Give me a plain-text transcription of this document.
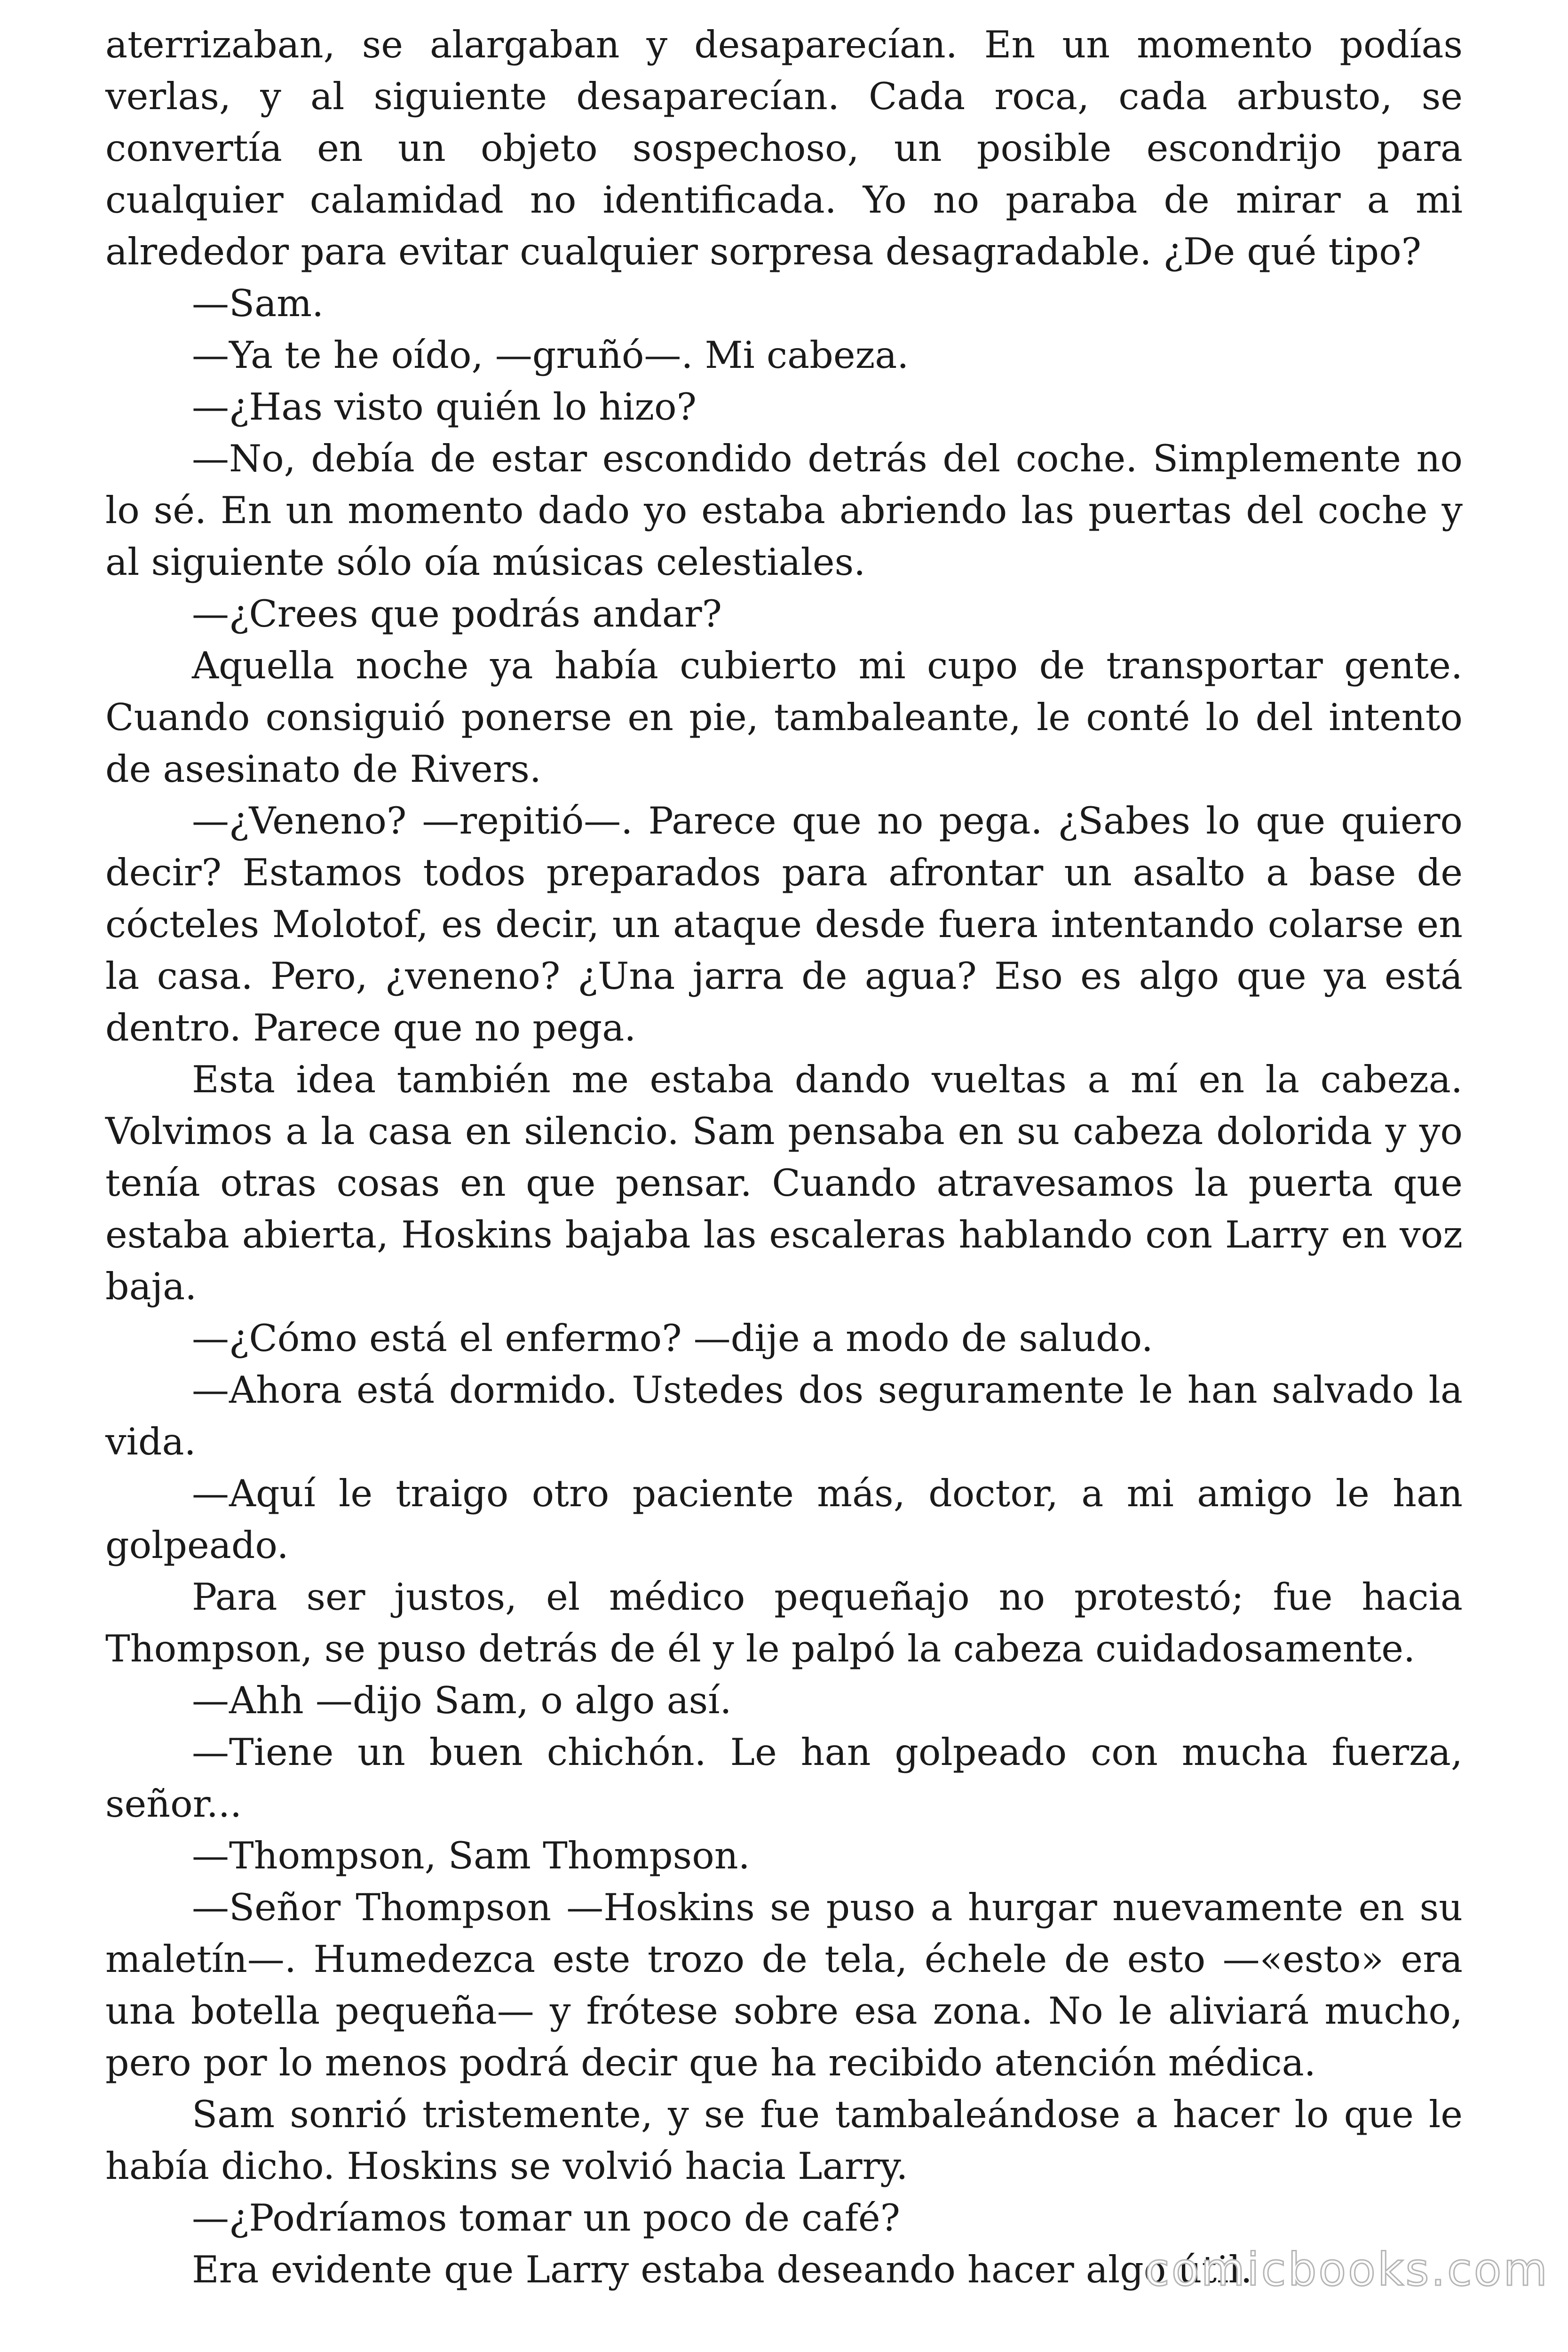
aterrizaban, se alargaban y desaparecían. En un momento podías verlas, y al siguiente desaparecían. Cada roca, cada arbusto, se convertía en un objeto sospechoso, un posible escondrijo para cualquier calamidad no identificada. Yo no paraba de mirar a mi alrededor para evitar cualquier sorpresa desagradable. ¿De qué tipo?

—Sam.

—Ya te he oído, —gruñó—. Mi cabeza.

—¿Has visto quién lo hizo?

—No, debía de estar escondido detrás del coche. Simplemente no lo sé. En un momento dado yo estaba abriendo las puertas del coche y al siguiente sólo oía músicas celestiales.

—¿Crees que podrás andar?

Aquella noche ya había cubierto mi cupo de transportar gente. Cuando consiguió ponerse en pie, tambaleante, le conté lo del intento de asesinato de Rivers.

—¿Veneno? —repitió—. Parece que no pega. ¿Sabes lo que quiero decir? Estamos todos preparados para afrontar un asalto a base de cócteles Molotof, es decir, un ataque desde fuera intentando colarse en la casa. Pero, ¿veneno? ¿Una jarra de agua? Eso es algo que ya está dentro. Parece que no pega.

Esta idea también me estaba dando vueltas a mí en la cabeza. Volvimos a la casa en silencio. Sam pensaba en su cabeza dolorida y yo tenía otras cosas en que pensar. Cuando atravesamos la puerta que estaba abierta, Hoskins bajaba las escaleras hablando con Larry en voz baja.

—¿Cómo está el enfermo? —dije a modo de saludo.

—Ahora está dormido. Ustedes dos seguramente le han salvado la vida.

—Aquí le traigo otro paciente más, doctor, a mi amigo le han golpeado.

Para ser justos, el médico pequeñajo no protestó; fue hacia Thompson, se puso detrás de él y le palpó la cabeza cuidadosamente.

—Ahh —dijo Sam, o algo así.

—Tiene un buen chichón. Le han golpeado con mucha fuerza, señor...

—Thompson, Sam Thompson.

—Señor Thompson —Hoskins se puso a hurgar nuevamente en su maletín—. Humedezca este trozo de tela, échele de esto —«esto» era una botella pequeña— y frótese sobre esa zona. No le aliviará mucho, pero por lo menos podrá decir que ha recibido atención médica.

Sam sonrió tristemente, y se fue tambaleándose a hacer lo que le había dicho. Hoskins se volvió hacia Larry.

—¿Podríamos tomar un poco de café?

Era evidente que Larry estaba deseando hacer algo útil.

comicbooks.com
